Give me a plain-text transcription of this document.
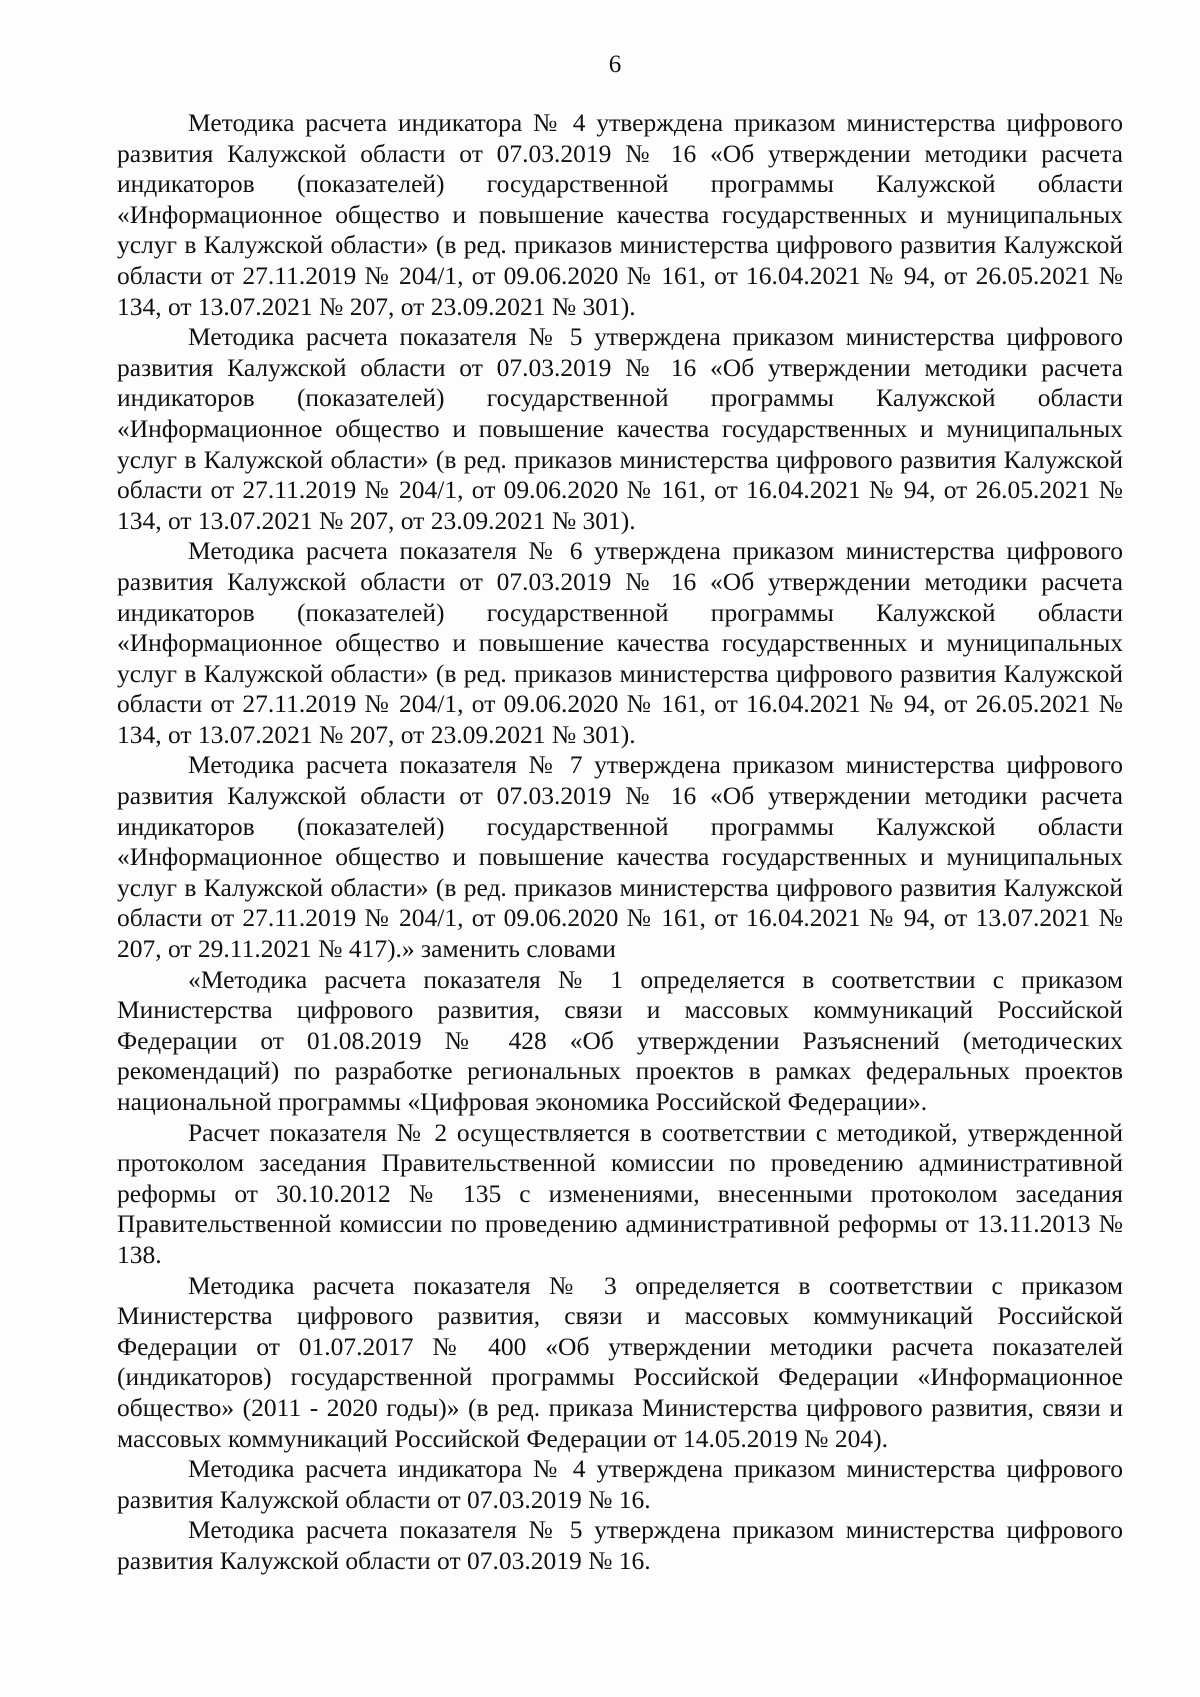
6

Методика расчета индикатора № 4 утверждена приказом министерства цифрового развития Калужской области от 07.03.2019 № 16 «Об утверждении методики расчета индикаторов (показателей) государственной программы Калужской области «Информационное общество и повышение качества государственных и муниципальных услуг в Калужской области» (в ред. приказов министерства цифрового развития Калужской области от 27.11.2019 № 204/1, от 09.06.2020 № 161, от 16.04.2021 № 94, от 26.05.2021 № 134, от 13.07.2021 № 207, от 23.09.2021 № 301).

Методика расчета показателя № 5 утверждена приказом министерства цифрового развития Калужской области от 07.03.2019 № 16 «Об утверждении методики расчета индикаторов (показателей) государственной программы Калужской области «Информационное общество и повышение качества государственных и муниципальных услуг в Калужской области» (в ред. приказов министерства цифрового развития Калужской области от 27.11.2019 № 204/1, от 09.06.2020 № 161, от 16.04.2021 № 94, от 26.05.2021 № 134, от 13.07.2021 № 207, от 23.09.2021 № 301).

Методика расчета показателя № 6 утверждена приказом министерства цифрового развития Калужской области от 07.03.2019 № 16 «Об утверждении методики расчета индикаторов (показателей) государственной программы Калужской области «Информационное общество и повышение качества государственных и муниципальных услуг в Калужской области» (в ред. приказов министерства цифрового развития Калужской области от 27.11.2019 № 204/1, от 09.06.2020 № 161, от 16.04.2021 № 94, от 26.05.2021 № 134, от 13.07.2021 № 207, от 23.09.2021 № 301).

Методика расчета показателя № 7 утверждена приказом министерства цифрового развития Калужской области от 07.03.2019 № 16 «Об утверждении методики расчета индикаторов (показателей) государственной программы Калужской области «Информационное общество и повышение качества государственных и муниципальных услуг в Калужской области» (в ред. приказов министерства цифрового развития Калужской области от 27.11.2019 № 204/1, от 09.06.2020 № 161, от 16.04.2021 № 94, от 13.07.2021 № 207, от 29.11.2021 № 417).» заменить словами

«Методика расчета показателя № 1 определяется в соответствии с приказом Министерства цифрового развития, связи и массовых коммуникаций Российской Федерации от 01.08.2019 № 428 «Об утверждении Разъяснений (методических рекомендаций) по разработке региональных проектов в рамках федеральных проектов национальной программы «Цифровая экономика Российской Федерации».

Расчет показателя № 2 осуществляется в соответствии с методикой, утвержденной протоколом заседания Правительственной комиссии по проведению административной реформы от 30.10.2012 № 135 с изменениями, внесенными протоколом заседания Правительственной комиссии по проведению административной реформы от 13.11.2013 № 138.

Методика расчета показателя № 3 определяется в соответствии с приказом Министерства цифрового развития, связи и массовых коммуникаций Российской Федерации от 01.07.2017 № 400 «Об утверждении методики расчета показателей (индикаторов) государственной программы Российской Федерации «Информационное общество» (2011 - 2020 годы)» (в ред. приказа Министерства цифрового развития, связи и массовых коммуникаций Российской Федерации от 14.05.2019 № 204).

Методика расчета индикатора № 4 утверждена приказом министерства цифрового развития Калужской области от 07.03.2019 № 16.

Методика расчета показателя № 5 утверждена приказом министерства цифрового развития Калужской области от 07.03.2019 № 16.
